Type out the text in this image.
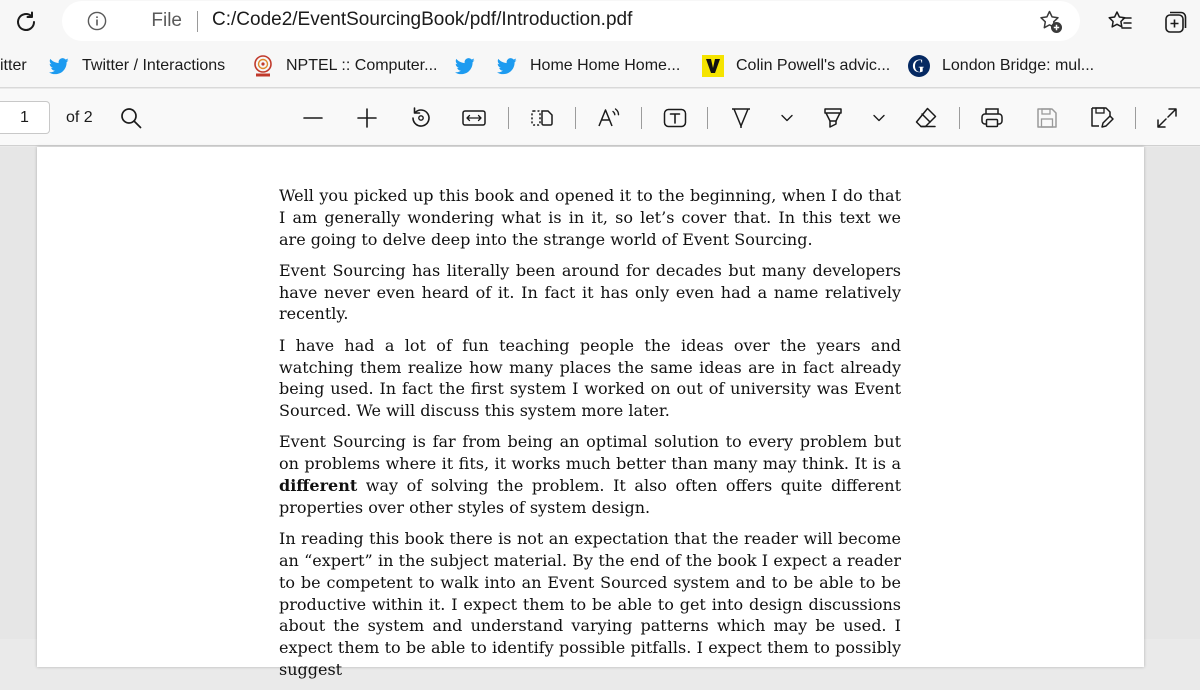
File C:/Code2/EventSourcingBook/pdf/Introduction.pdf
itter	Twitter / Interactions	NPTEL :: Computer...	Home Home Home...	Colin Powell's advic...	London Bridge: mul...
1	of 2

Well you picked up this book and opened it to the beginning, when I do that I am generally wondering what is in it, so let’s cover that. In this text we are going to delve deep into the strange world of Event Sourcing.

Event Sourcing has literally been around for decades but many developers have never even heard of it. In fact it has only even had a name relatively recently.

I have had a lot of fun teaching people the ideas over the years and watching them realize how many places the same ideas are in fact already being used. In fact the first system I worked on out of university was Event Sourced. We will discuss this system more later.

Event Sourcing is far from being an optimal solution to every problem but on problems where it fits, it works much better than many may think. It is a different way of solving the problem. It also often offers quite different properties over other styles of system design.

In reading this book there is not an expectation that the reader will become an “expert” in the subject material. By the end of the book I expect a reader to be competent to walk into an Event Sourced system and to be able to be productive within it. I expect them to be able to get into design discussions about the system and understand varying patterns which may be used. I expect them to be able to identify possible pitfalls. I expect them to possibly suggest
